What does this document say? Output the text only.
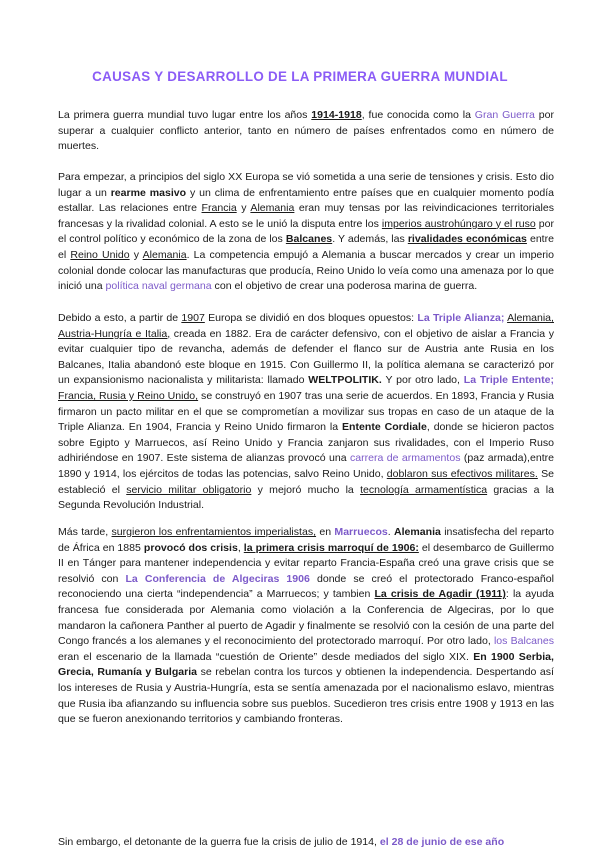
CAUSAS Y DESARROLLO DE LA PRIMERA GUERRA MUNDIAL

La primera guerra mundial tuvo lugar entre los años 1914-1918, fue conocida como la Gran Guerra por superar a cualquier conflicto anterior, tanto en número de países enfrentados como en número de muertes.

Para empezar, a principios del siglo XX Europa se vió sometida a una serie de tensiones y crisis. Esto dio lugar a un rearme masivo y un clima de enfrentamiento entre países que en cualquier momento podía estallar. Las relaciones entre Francia y Alemania eran muy tensas por las reivindicaciones territoriales francesas y la rivalidad colonial. A esto se le unió la disputa entre los imperios austrohúngaro y el ruso por el control político y económico de la zona de los Balcanes. Y además, las rivalidades económicas entre el Reino Unido y Alemania. La competencia empujó a Alemania a buscar mercados y crear un imperio colonial donde colocar las manufacturas que producía, Reino Unido lo veía como una amenaza por lo que inició una política naval germana con el objetivo de crear una poderosa marina de guerra.

Debido a esto, a partir de 1907 Europa se dividió en dos bloques opuestos: La Triple Alianza; Alemania, Austria-Hungría e Italia, creada en 1882. Era de carácter defensivo, con el objetivo de aislar a Francia y evitar cualquier tipo de revancha, además de defender el flanco sur de Austria ante Rusia en los Balcanes, Italia abandonó este bloque en 1915. Con Guillermo II, la política alemana se caracterizó por un expansionismo nacionalista y militarista: llamado WELTPOLITIK. Y por otro lado, La Triple Entente; Francia, Rusia y Reino Unido, se construyó en 1907 tras una serie de acuerdos. En 1893, Francia y Rusia firmaron un pacto militar en el que se comprometían a movilizar sus tropas en caso de un ataque de la Triple Alianza. En 1904, Francia y Reino Unido firmaron la Entente Cordiale, donde se hicieron pactos sobre Egipto y Marruecos, así Reino Unido y Francia zanjaron sus rivalidades, con el Imperio Ruso adhiriéndose en 1907. Este sistema de alianzas provocó una carrera de armamentos (paz armada),entre 1890 y 1914, los ejércitos de todas las potencias, salvo Reino Unido, doblaron sus efectivos militares. Se estableció el servicio militar obligatorio y mejoró mucho la tecnología armamentística gracias a la Segunda Revolución Industrial.

Más tarde, surgieron los enfrentamientos imperialistas, en Marruecos. Alemania insatisfecha del reparto de África en 1885 provocó dos crisis, la primera crisis marroquí de 1906: el desembarco de Guillermo II en Tánger para mantener independencia y evitar reparto Francia-España creó una grave crisis que se resolvió con La Conferencia de Algeciras 1906 donde se creó el protectorado Franco-español reconociendo una cierta “independencia” a Marruecos; y tambien La crisis de Agadir (1911): la ayuda francesa fue considerada por Alemania como violación a la Conferencia de Algeciras, por lo que mandaron la cañonera Panther al puerto de Agadir y finalmente se resolvió con la cesión de una parte del Congo francés a los alemanes y el reconocimiento del protectorado marroquí. Por otro lado, los Balcanes eran el escenario de la llamada “cuestión de Oriente” desde mediados del siglo XIX. En 1900 Serbia, Grecia, Rumanía y Bulgaria se rebelan contra los turcos y obtienen la independencia. Despertando así los intereses de Rusia y Austria-Hungría, esta se sentía amenazada por el nacionalismo eslavo, mientras que Rusia iba afianzando su influencia sobre sus pueblos. Sucedieron tres crisis entre 1908 y 1913 en las que se fueron anexionando territorios y cambiando fronteras.

Sin embargo, el detonante de la guerra fue la crisis de julio de 1914, el 28 de junio de ese año
